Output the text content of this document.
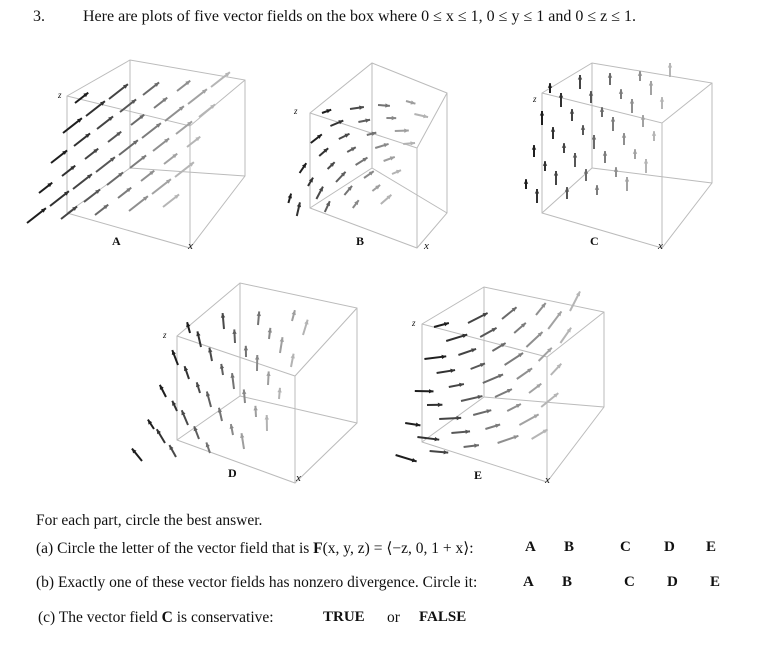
3. Here are plots of five vector fields on the box where 0 ≤ x ≤ 1, 0 ≤ y ≤ 1 and 0 ≤ z ≤ 1.
A
z
x	B
z
x	C
z
x
D
z
x	E
z
x
For each part, circle the best answer.
(a) Circle the letter of the vector field that is F(x, y, z) = ⟨−z, 0, 1 + x⟩:	A B	C D E
(b) Exactly one of these vector fields has nonzero divergence. Circle it:	A B	C D E
(c) The vector field C is conservative:	TRUE or FALSE
